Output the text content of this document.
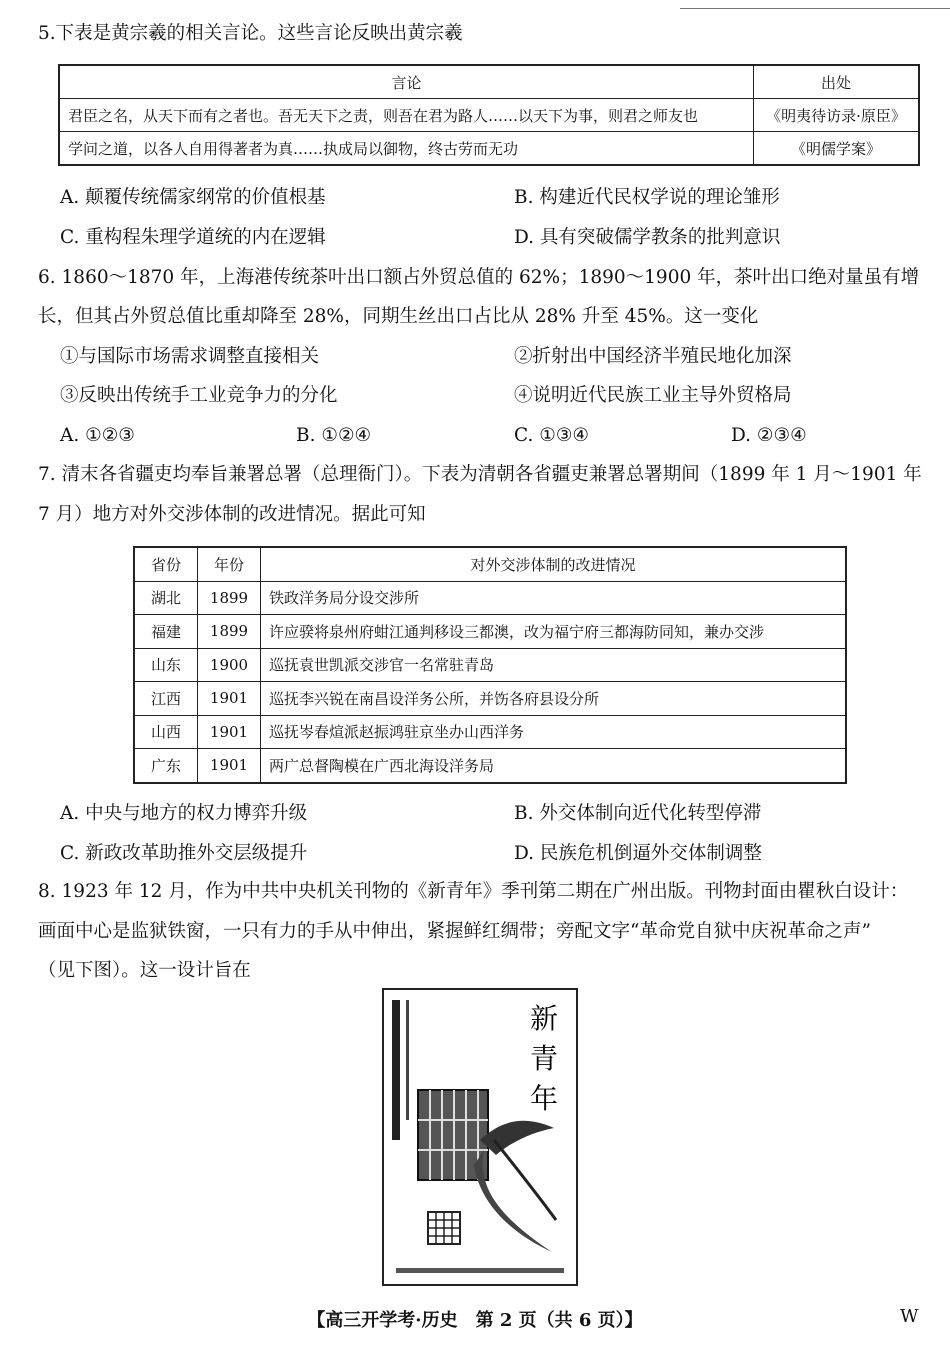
5.下表是黄宗羲的相关言论。这些言论反映出黄宗羲
言论	出处
君臣之名，从天下而有之者也。吾无天下之责，则吾在君为路人……以天下为事，则君之师友也	《明夷待访录·原臣》
学问之道，以各人自用得著者为真……执成局以御物，终古劳而无功	《明儒学案》
A. 颠覆传统儒家纲常的价值根基	B. 构建近代民权学说的理论雏形
C. 重构程朱理学道统的内在逻辑	D. 具有突破儒学教条的批判意识
6. 1860～1870 年，上海港传统茶叶出口额占外贸总值的 62%；1890～1900 年，茶叶出口绝对量虽有增
长，但其占外贸总值比重却降至 28%，同期生丝出口占比从 28% 升至 45%。这一变化
①与国际市场需求调整直接相关	②折射出中国经济半殖民地化加深
③反映出传统手工业竞争力的分化	④说明近代民族工业主导外贸格局
A. ①②③	B. ①②④	C. ①③④	D. ②③④
7. 清末各省疆吏均奉旨兼署总署（总理衙门）。下表为清朝各省疆吏兼署总署期间（1899 年 1 月～1901 年
7 月）地方对外交涉体制的改进情况。据此可知
省份	年份	对外交涉体制的改进情况
湖北	1899	铁政洋务局分设交涉所
福建	1899	许应骙将泉州府蚶江通判移设三都澳，改为福宁府三都海防同知，兼办交涉
山东	1900	巡抚袁世凯派交涉官一名常驻青岛
江西	1901	巡抚李兴锐在南昌设洋务公所，并饬各府县设分所
山西	1901	巡抚岑春煊派赵振鸿驻京坐办山西洋务
广东	1901	两广总督陶模在广西北海设洋务局
A. 中央与地方的权力博弈升级	B. 外交体制向近代化转型停滞
C. 新政改革助推外交层级提升	D. 民族危机倒逼外交体制调整
8. 1923 年 12 月，作为中共中央机关刊物的《新青年》季刊第二期在广州出版。刊物封面由瞿秋白设计：
画面中心是监狱铁窗，一只有力的手从中伸出，紧握鲜红绸带；旁配文字“革命党自狱中庆祝革命之声”
（见下图）。这一设计旨在
新
青
年
【高三开学考·历史　第 2 页（共 6 页）】	W
